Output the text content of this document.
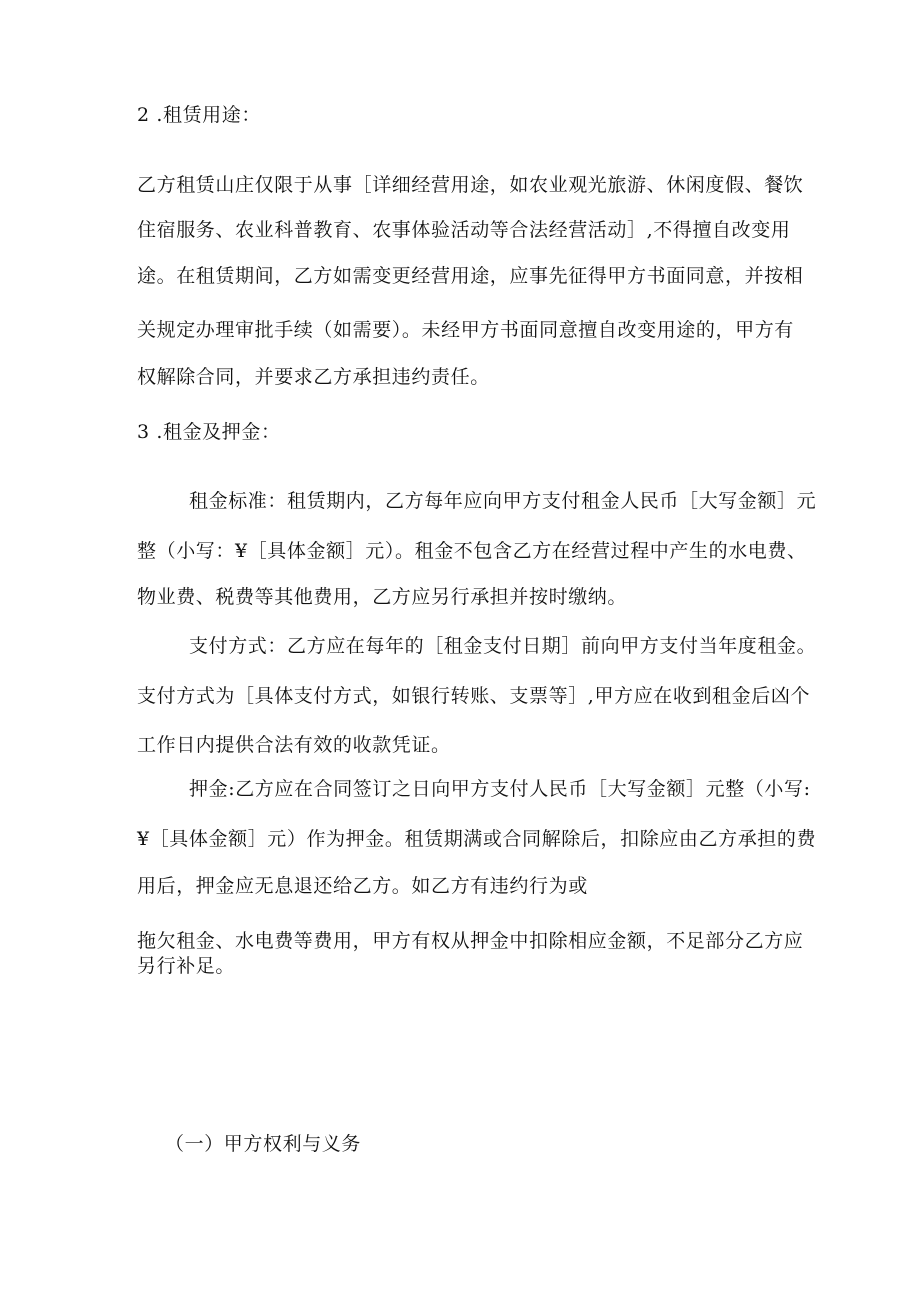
2 .租赁用途：
乙方租赁山庄仅限于从事［详细经营用途，如农业观光旅游、休闲度假、餐饮
住宿服务、农业科普教育、农事体验活动等合法经营活动］,不得擅自改变用
途。在租赁期间，乙方如需变更经营用途，应事先征得甲方书面同意，并按相
关规定办理审批手续（如需要）。未经甲方书面同意擅自改变用途的，甲方有
权解除合同，并要求乙方承担违约责任。
3 .租金及押金：
租金标准：租赁期内，乙方每年应向甲方支付租金人民币［大写金额］元
整（小写：¥［具体金额］元）。租金不包含乙方在经营过程中产生的水电费、
物业费、税费等其他费用，乙方应另行承担并按时缴纳。
支付方式：乙方应在每年的［租金支付日期］前向甲方支付当年度租金。
支付方式为［具体支付方式，如银行转账、支票等］,甲方应在收到租金后凶个
工作日内提供合法有效的收款凭证。
押金:乙方应在合同签订之日向甲方支付人民币［大写金额］元整（小写:
¥［具体金额］元）作为押金。租赁期满或合同解除后，扣除应由乙方承担的费
用后，押金应无息退还给乙方。如乙方有违约行为或
拖欠租金、水电费等费用，甲方有权从押金中扣除相应金额，不足部分乙方应
另行补足。
（一）甲方权利与义务
